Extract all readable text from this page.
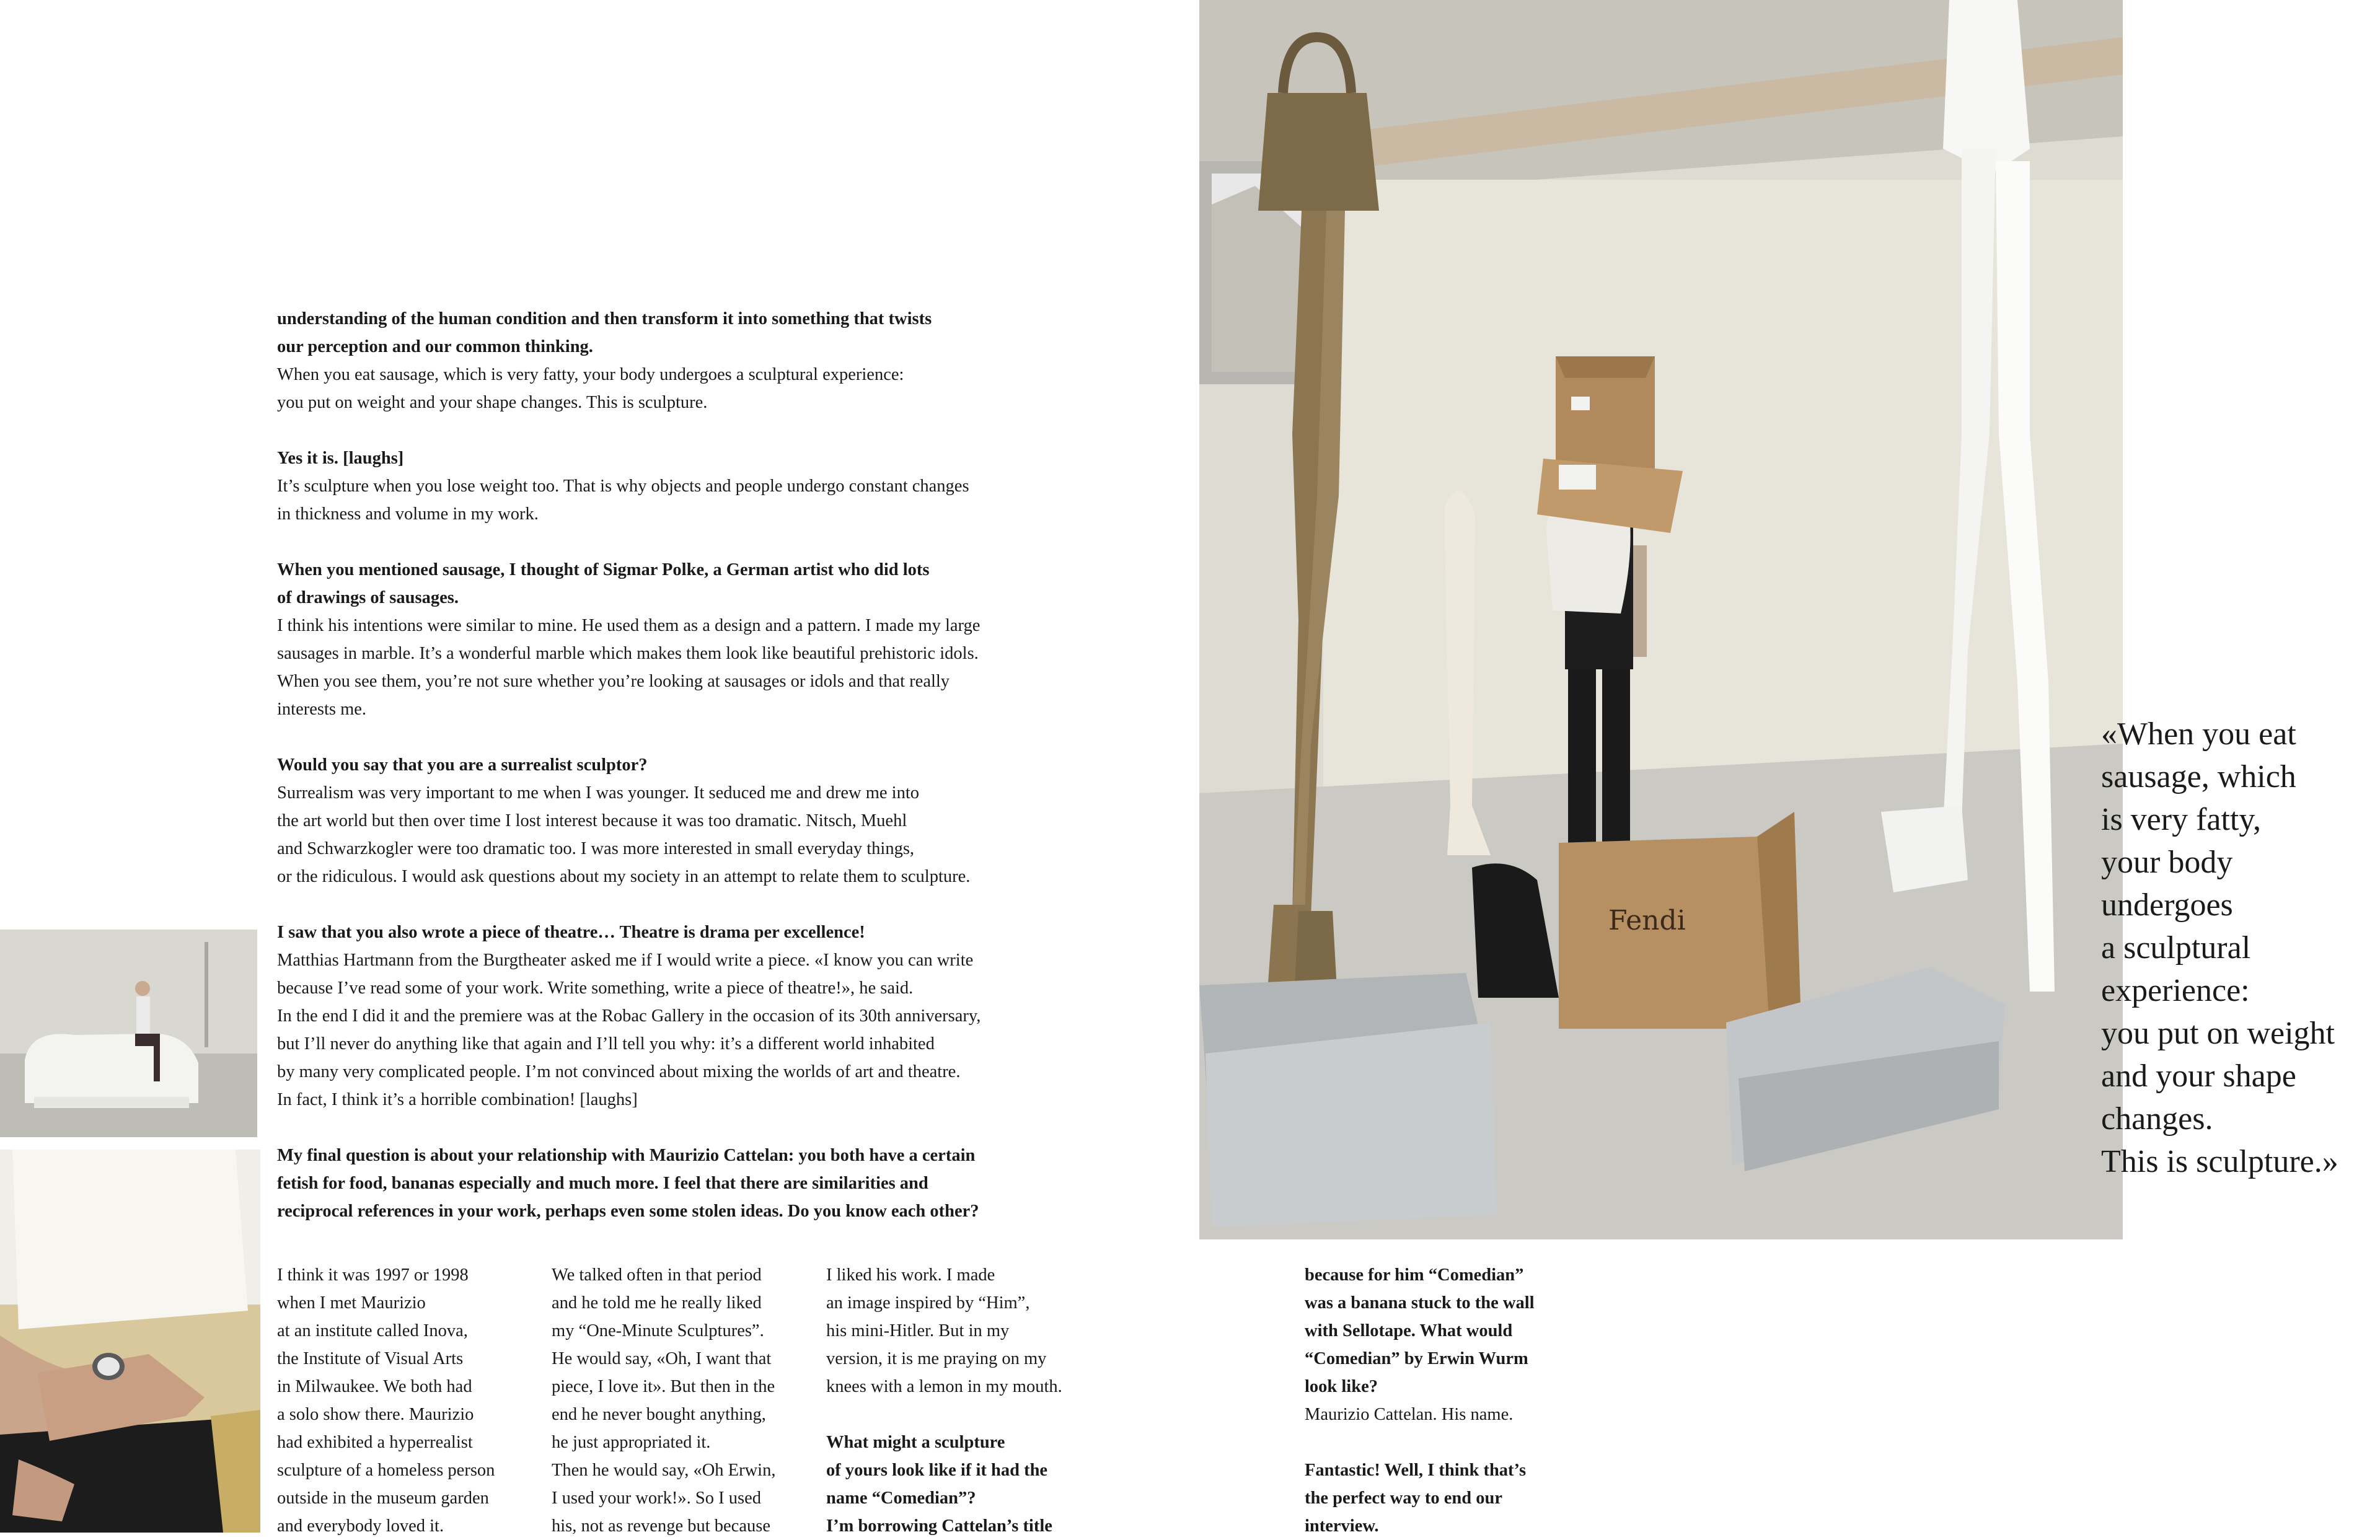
understanding of the human condition and then transform it into something that twists
our perception and our common thinking.

When you eat sausage, which is very fatty, your body undergoes a sculptural experience:
you put on weight and your shape changes. This is sculpture.

Yes it is. [laughs]

It’s sculpture when you lose weight too. That is why objects and people undergo constant changes
in thickness and volume in my work.

When you mentioned sausage, I thought of Sigmar Polke, a German artist who did lots
of drawings of sausages.

I think his intentions were similar to mine. He used them as a design and a pattern. I made my large
sausages in marble. It’s a wonderful marble which makes them look like beautiful prehistoric idols.
When you see them, you’re not sure whether you’re looking at sausages or idols and that really
interests me.

Would you say that you are a surrealist sculptor?

Surrealism was very important to me when I was younger. It seduced me and drew me into
the art world but then over time I lost interest because it was too dramatic. Nitsch, Muehl
and Schwarzkogler were too dramatic too. I was more interested in small everyday things,
or the ridiculous. I would ask questions about my society in an attempt to relate them to sculpture.

I saw that you also wrote a piece of theatre… Theatre is drama per excellence!

Matthias Hartmann from the Burgtheater asked me if I would write a piece. «I know you can write
because I’ve read some of your work. Write something, write a piece of theatre!», he said.
In the end I did it and the premiere was at the Robac Gallery in the occasion of its 30th anniversary,
but I’ll never do anything like that again and I’ll tell you why: it’s a different world inhabited
by many very complicated people. I’m not convinced about mixing the worlds of art and theatre.
In fact, I think it’s a horrible combination! [laughs]

My final question is about your relationship with Maurizio Cattelan: you both have a certain
fetish for food, bananas especially and much more. I feel that there are similarities and
reciprocal references in your work, perhaps even some stolen ideas. Do you know each other?

I think it was 1997 or 1998
when I met Maurizio
at an institute called Inova,
the Institute of Visual Arts
in Milwaukee. We both had
a solo show there. Maurizio
had exhibited a hyperrealist
sculpture of a homeless person
outside in the museum garden
and everybody loved it.

We talked often in that period
and he told me he really liked
my “One-Minute Sculptures”.
He would say, «Oh, I want that
piece, I love it». But then in the
end he never bought anything,
he just appropriated it.
Then he would say, «Oh Erwin,
I used your work!». So I used
his, not as revenge but because

I liked his work. I made
an image inspired by “Him”,
his mini-Hitler. But in my
version, it is me praying on my
knees with a lemon in my mouth.

What might a sculpture
of yours look like if it had the
name “Comedian”?
I’m borrowing Cattelan’s title

because for him “Comedian”
was a banana stuck to the wall
with Sellotape. What would
“Comedian” by Erwin Wurm
look like?

Maurizio Cattelan. His name.

Fantastic! Well, I think that’s
the perfect way to end our
interview.

Fendi

«When you eat
sausage, which
is very fatty,
your body
undergoes
a sculptural
experience:
you put on weight
and your shape
changes.
This is sculpture.»
